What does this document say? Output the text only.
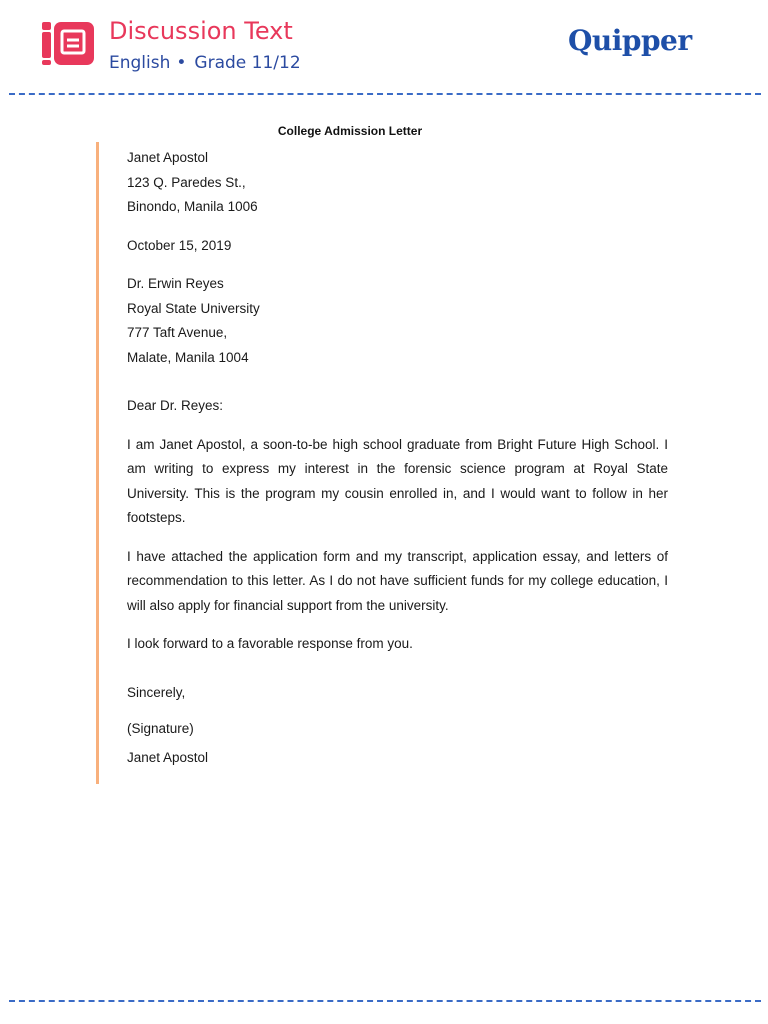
Discussion Text
English • Grade 11/12
Quipper
College Admission Letter
Janet Apostol
123 Q. Paredes St.,
Binondo, Manila 1006
October 15, 2019
Dr. Erwin Reyes
Royal State University
777 Taft Avenue,
Malate, Manila 1004
Dear Dr. Reyes:

I am Janet Apostol, a soon-to-be high school graduate from Bright Future High School. I am writing to express my interest in the forensic science program at Royal State University. This is the program my cousin enrolled in, and I would want to follow in her footsteps.

I have attached the application form and my transcript, application essay, and letters of recommendation to this letter. As I do not have sufficient funds for my college education, I will also apply for financial support from the university.

I look forward to a favorable response from you.

Sincerely,
(Signature)
Janet Apostol
